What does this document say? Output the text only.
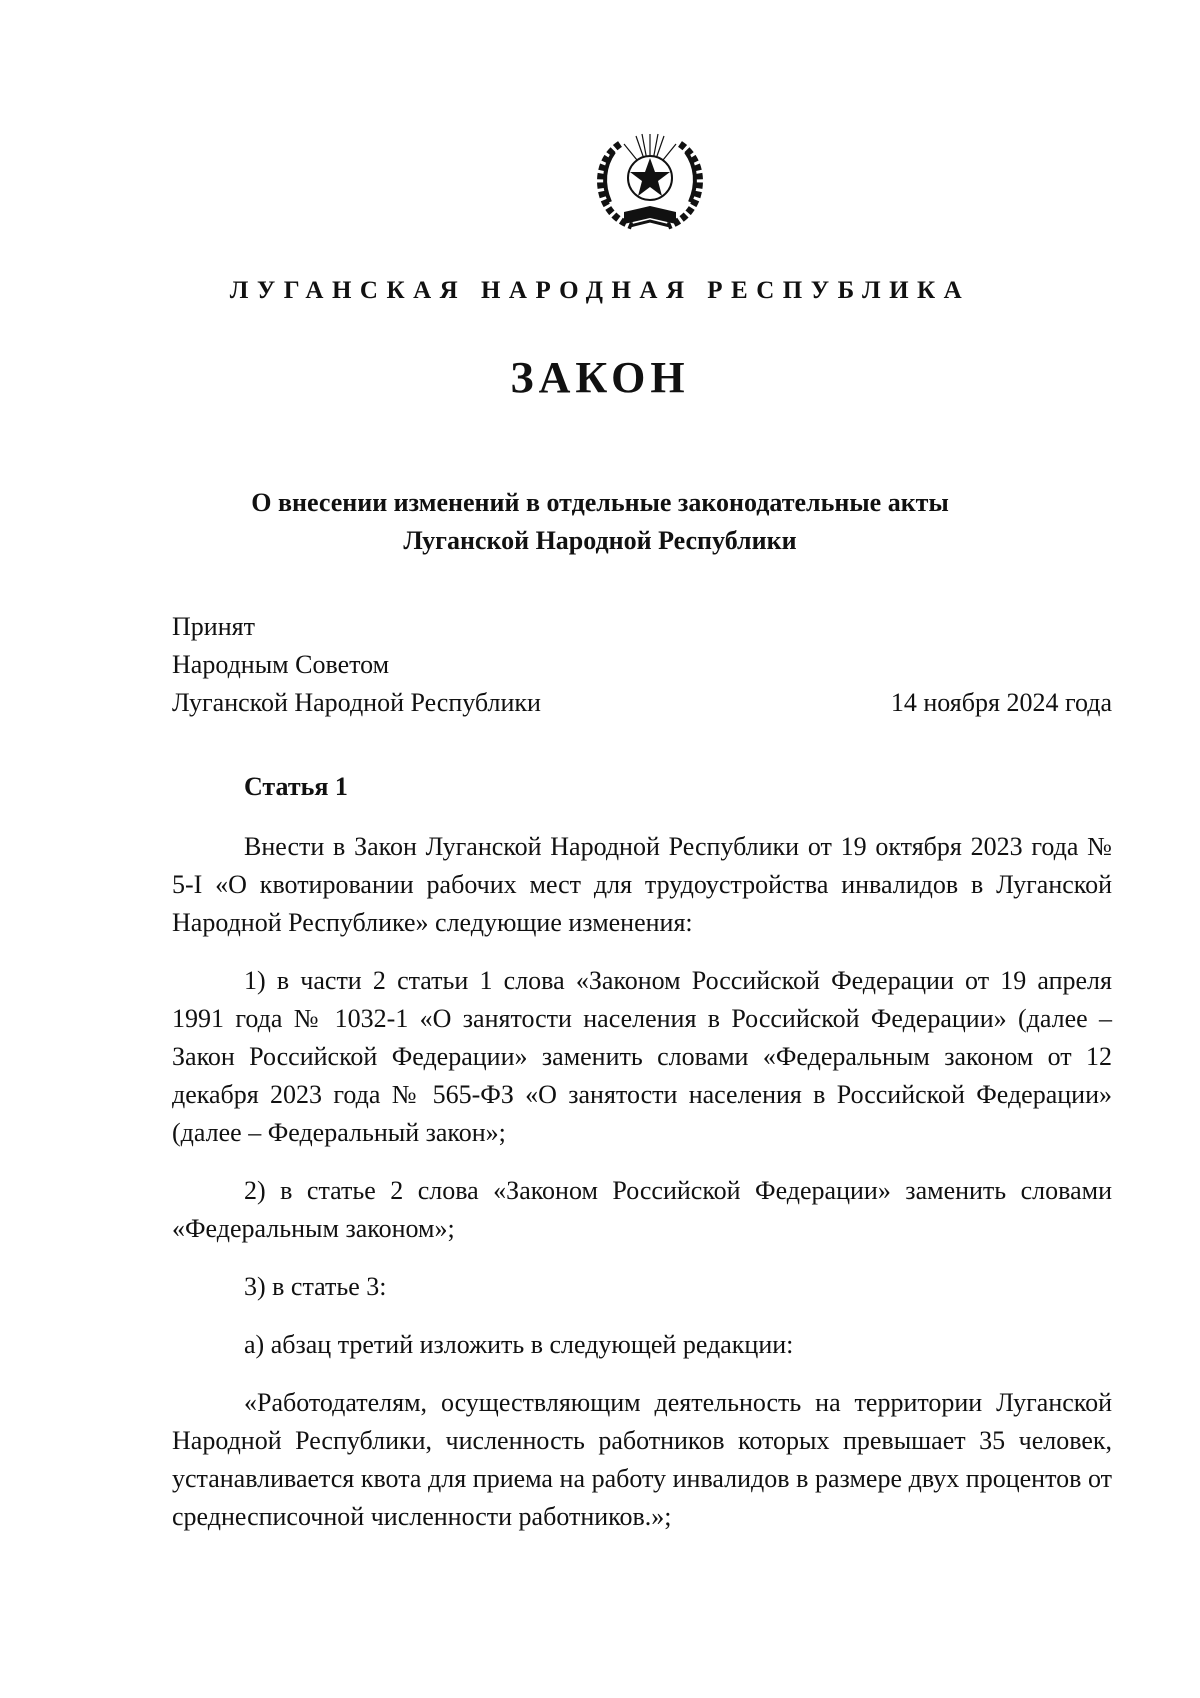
ЛУГАНСКАЯ НАРОДНАЯ РЕСПУБЛИКА
ЗАКОН
О внесении изменений в отдельные законодательные акты
Луганской Народной Республики
Принят
Народным Советом
Луганской Народной Республики	14 ноября 2024 года
Статья 1

Внести в Закон Луганской Народной Республики от 19 октября 2023 года № 5-I «О квотировании рабочих мест для трудоустройства инвалидов в Луганской Народной Республике» следующие изменения:

1) в части 2 статьи 1 слова «Законом Российской Федерации от 19 апреля 1991 года № 1032-1 «О занятости населения в Российской Федерации» (далее – Закон Российской Федерации» заменить словами «Федеральным законом от 12 декабря 2023 года № 565-ФЗ «О занятости населения в Российской Федерации» (далее – Федеральный закон»;

2) в статье 2 слова «Законом Российской Федерации» заменить словами «Федеральным законом»;

3) в статье 3:

а) абзац третий изложить в следующей редакции:

«Работодателям, осуществляющим деятельность на территории Луганской Народной Республики, численность работников которых превышает 35 человек, устанавливается квота для приема на работу инвалидов в размере двух процентов от среднесписочной численности работников.»;
